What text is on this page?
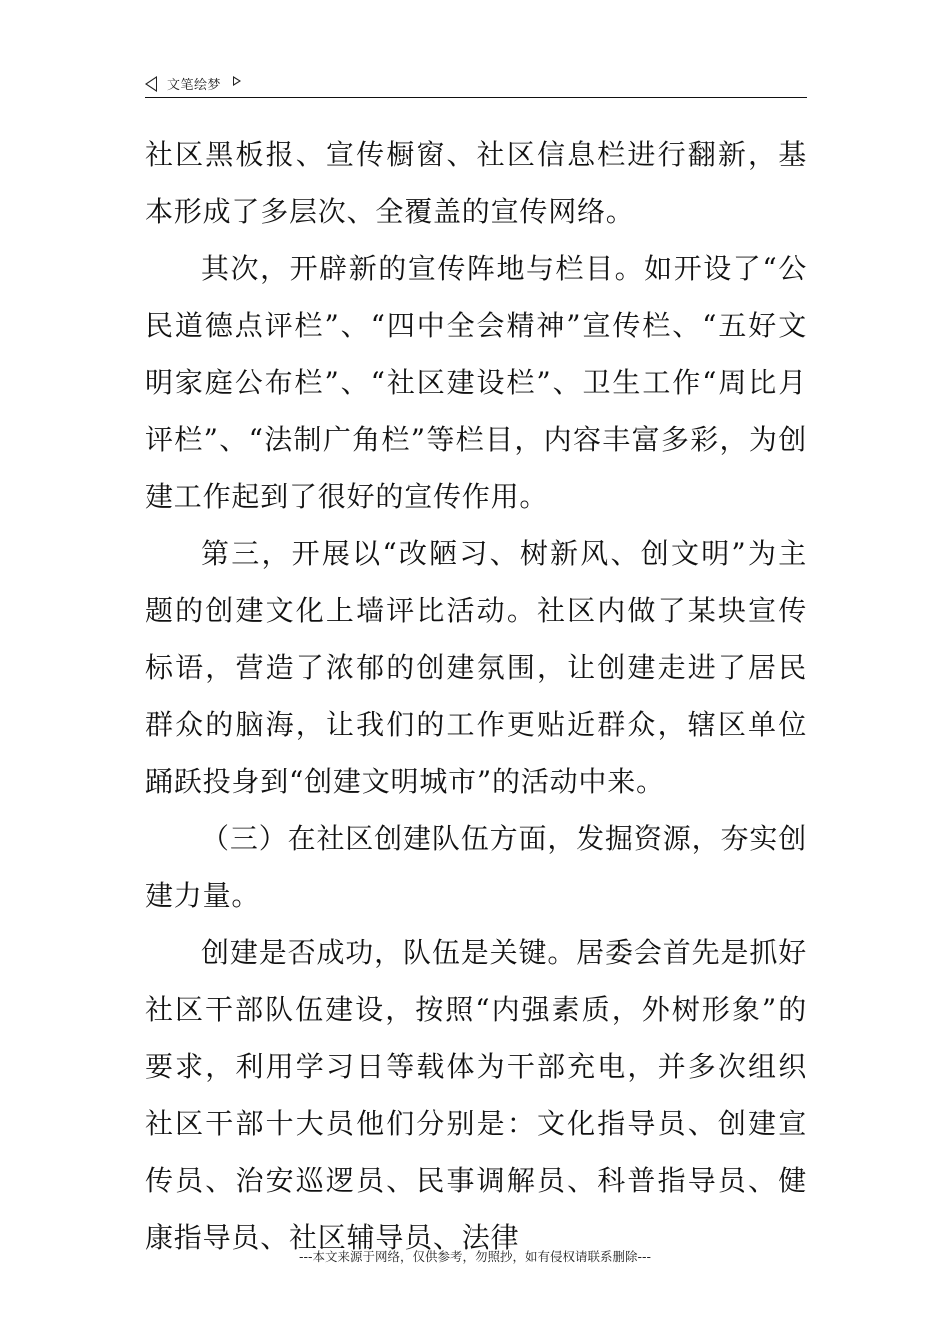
文笔绘梦

社区黑板报、宣传橱窗、社区信息栏进行翻新，基本形成了多层次、全覆盖的宣传网络。

其次，开辟新的宣传阵地与栏目。如开设了“公民道德点评栏”、“四中全会精神”宣传栏、“五好文明家庭公布栏”、“社区建设栏”、卫生工作“周比月评栏”、“法制广角栏”等栏目，内容丰富多彩，为创建工作起到了很好的宣传作用。

第三，开展以“改陋习、树新风、创文明”为主题的创建文化上墙评比活动。社区内做了某块宣传标语，营造了浓郁的创建氛围，让创建走进了居民群众的脑海，让我们的工作更贴近群众，辖区单位踊跃投身到“创建文明城市”的活动中来。

（三）在社区创建队伍方面，发掘资源，夯实创建力量。

创建是否成功，队伍是关键。居委会首先是抓好社区干部队伍建设，按照“内强素质，外树形象”的要求，利用学习日等载体为干部充电，并多次组织社区干部十大员他们分别是：文化指导员、创建宣传员、治安巡逻员、民事调解员、科普指导员、健康指导员、社区辅导员、法律

---本文来源于网络，仅供参考，勿照抄，如有侵权请联系删除---
